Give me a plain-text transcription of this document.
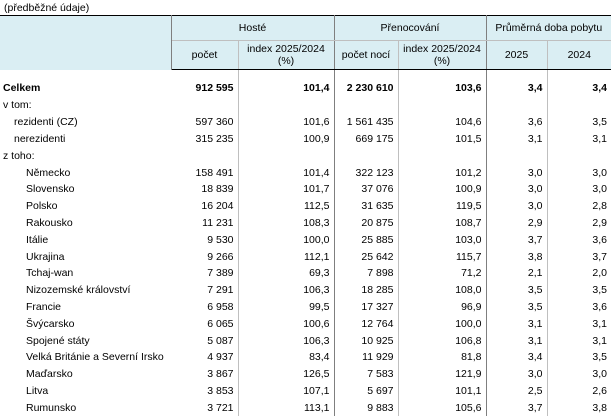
(předběžné údaje)
	Hosté		Přenocování		Průměrná doba pobytu	
	počet	index 2025/2024 (%)	počet nocí	index 2025/2024 (%)	2025	2024

Celkem	912 595	101,4	2 230 610	103,6	3,4	3,4
v tom:						
rezidenti (CZ)	597 360	101,6	1 561 435	104,6	3,6	3,5
nerezidenti	315 235	100,9	669 175	101,5	3,1	3,1
z toho:						
Německo	158 491	101,4	322 123	101,2	3,0	3,0
Slovensko	18 839	101,7	37 076	100,9	3,0	3,0
Polsko	16 204	112,5	31 635	119,5	3,0	2,8
Rakousko	11 231	108,3	20 875	108,7	2,9	2,9
Itálie	9 530	100,0	25 885	103,0	3,7	3,6
Ukrajina	9 266	112,1	25 642	115,7	3,8	3,7
Tchaj-wan	7 389	69,3	7 898	71,2	2,1	2,0
Nizozemské království	7 291	106,3	18 285	108,0	3,5	3,5
Francie	6 958	99,5	17 327	96,9	3,5	3,6
Švýcarsko	6 065	100,6	12 764	100,0	3,1	3,1
Spojené státy	5 087	106,3	10 925	106,8	3,1	3,1
Velká Británie a Severní Irsko	4 937	83,4	11 929	81,8	3,4	3,5
Maďarsko	3 867	126,5	7 583	121,9	3,0	3,0
Litva	3 853	107,1	5 697	101,1	2,5	2,6
Rumunsko	3 721	113,1	9 883	105,6	3,7	3,8
